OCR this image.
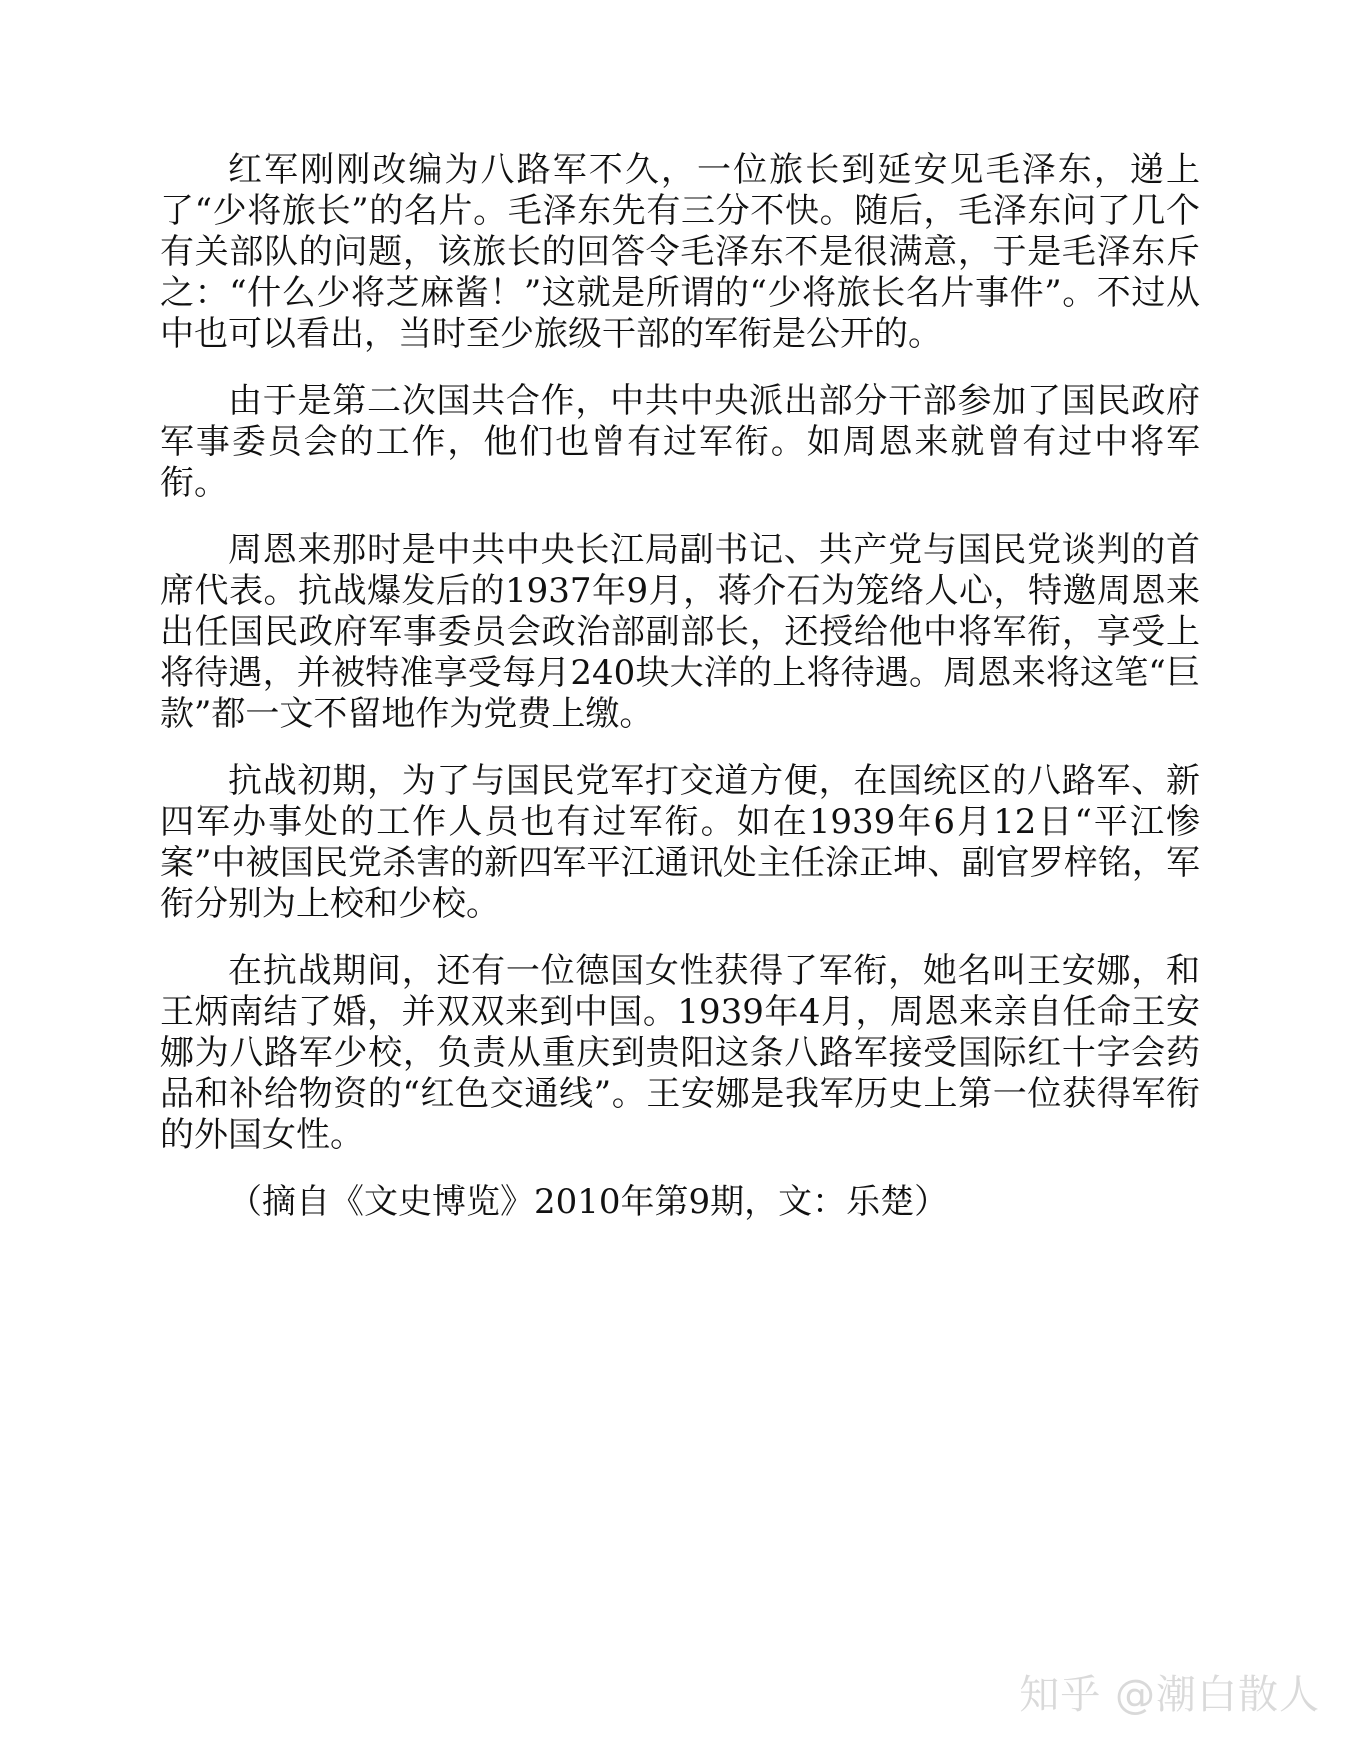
红军刚刚改编为八路军不久，一位旅长到延安见毛泽东，递上了“少将旅长”的名片。毛泽东先有三分不快。随后，毛泽东问了几个有关部队的问题，该旅长的回答令毛泽东不是很满意，于是毛泽东斥之：“什么少将芝麻酱！”这就是所谓的“少将旅长名片事件”。不过从中也可以看出，当时至少旅级干部的军衔是公开的。

由于是第二次国共合作，中共中央派出部分干部参加了国民政府军事委员会的工作，他们也曾有过军衔。如周恩来就曾有过中将军衔。

周恩来那时是中共中央长江局副书记、共产党与国民党谈判的首席代表。抗战爆发后的1937年9月，蒋介石为笼络人心，特邀周恩来出任国民政府军事委员会政治部副部长，还授给他中将军衔，享受上将待遇，并被特准享受每月240块大洋的上将待遇。周恩来将这笔“巨款”都一文不留地作为党费上缴。

抗战初期，为了与国民党军打交道方便，在国统区的八路军、新四军办事处的工作人员也有过军衔。如在1939年6月12日“平江惨案”中被国民党杀害的新四军平江通讯处主任涂正坤、副官罗梓铭，军衔分别为上校和少校。

在抗战期间，还有一位德国女性获得了军衔，她名叫王安娜，和王炳南结了婚，并双双来到中国。1939年4月，周恩来亲自任命王安娜为八路军少校，负责从重庆到贵阳这条八路军接受国际红十字会药品和补给物资的“红色交通线”。王安娜是我军历史上第一位获得军衔的外国女性。

（摘自《文史博览》2010年第9期，文：乐楚）

知乎 @潮白散人
